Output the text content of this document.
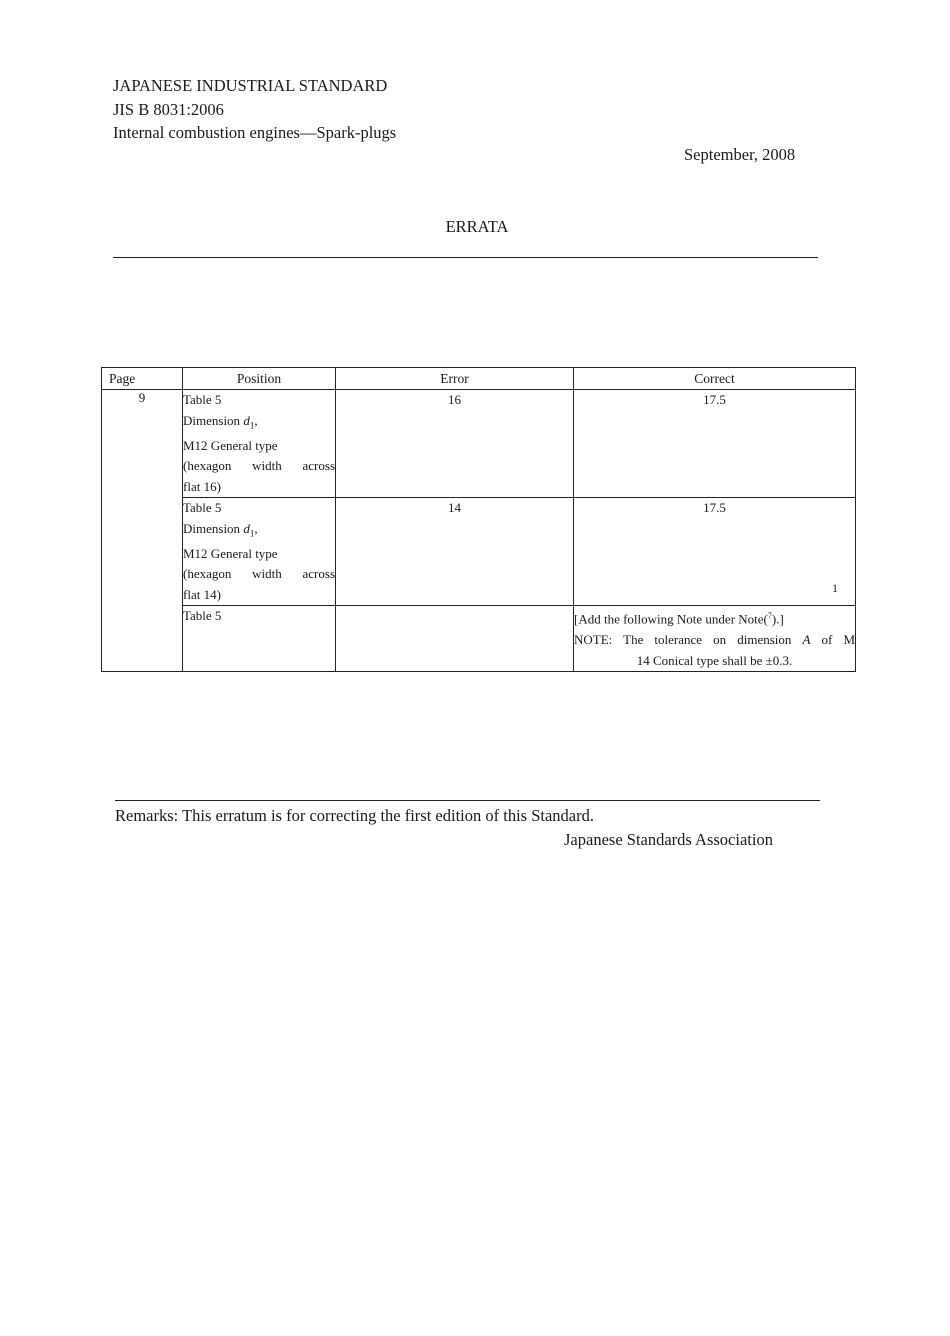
JAPANESE INDUSTRIAL STANDARD
JIS B 8031:2006
Internal combustion engines—Spark-plugs
September, 2008
ERRATA
Page	Position	Error	Correct
9	Table 5
Dimension $d_1$,
M12 General type
(hexagon width across
flat 16)	16	17.5

	Table 5
Dimension $d_1$,
M12 General type
(hexagon width across
flat 14)	14	17.5

	Table 5		[Add the following Note under Note($^7$).]
NOTE: The tolerance on dimension A of M
14 Conical type shall be ±0.3.
1
Remarks: This erratum is for correcting the first edition of this Standard.
Japanese Standards Association
